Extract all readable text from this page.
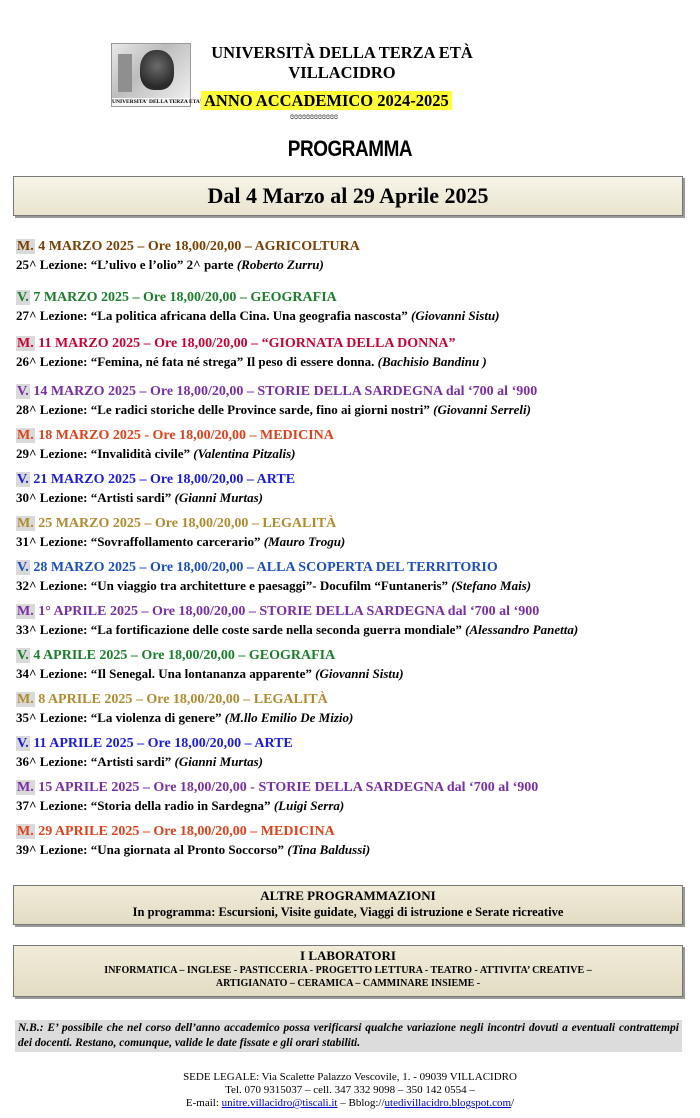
UNIVERSITA' DELLA TERZA ETA'
UNIVERSITÀ DELLA TERZA ETÀ
VILLACIDRO
ANNO ACCADEMICO 2024-2025
ɞɞɞɞɞɞɞɞɞɞɞɞ
PROGRAMMA
Dal 4 Marzo al 29 Aprile 2025
M. 4 MARZO 2025 – Ore 18,00/20,00 – AGRICOLTURA
25^ Lezione: “L’ulivo e l’olio” 2^ parte (Roberto Zurru)
V. 7 MARZO 2025 – Ore 18,00/20,00 – GEOGRAFIA
27^ Lezione: “La politica africana della Cina. Una geografia nascosta” (Giovanni Sistu)
M. 11 MARZO 2025 – Ore 18,00/20,00 – “GIORNATA DELLA DONNA”
26^ Lezione: “Femina, né fata né strega” Il peso di essere donna. (Bachisio Bandinu )
V. 14 MARZO 2025 – Ore 18,00/20,00 – STORIE DELLA SARDEGNA dal ‘700 al ‘900
28^ Lezione: “Le radici storiche delle Province sarde, fino ai giorni nostri” (Giovanni Serreli)
M. 18 MARZO 2025 - Ore 18,00/20,00 – MEDICINA
29^ Lezione: “Invalidità civile” (Valentina Pitzalis)
V. 21 MARZO 2025 – Ore 18,00/20,00 – ARTE
30^ Lezione: “Artisti sardi” (Gianni Murtas)
M. 25 MARZO 2025 – Ore 18,00/20,00 – LEGALITÀ
31^ Lezione: “Sovraffollamento carcerario” (Mauro Trogu)
V. 28 MARZO 2025 – Ore 18,00/20,00 – ALLA SCOPERTA DEL TERRITORIO
32^ Lezione: “Un viaggio tra architetture e paesaggi”- Docufilm “Funtaneris” (Stefano Mais)
M. 1° APRILE 2025 – Ore 18,00/20,00 – STORIE DELLA SARDEGNA dal ‘700 al ‘900
33^ Lezione: “La fortificazione delle coste sarde nella seconda guerra mondiale” (Alessandro Panetta)
V. 4 APRILE 2025 – Ore 18,00/20,00 – GEOGRAFIA
34^ Lezione: “Il Senegal. Una lontananza apparente” (Giovanni Sistu)
M. 8 APRILE 2025 – Ore 18,00/20,00 – LEGALITÀ
35^ Lezione: “La violenza di genere” (M.llo Emilio De Mizio)
V. 11 APRILE 2025 – Ore 18,00/20,00 – ARTE
36^ Lezione: “Artisti sardi” (Gianni Murtas)
M. 15 APRILE 2025 – Ore 18,00/20,00 - STORIE DELLA SARDEGNA dal ‘700 al ‘900
37^ Lezione: “Storia della radio in Sardegna” (Luigi Serra)
M. 29 APRILE 2025 – Ore 18,00/20,00 – MEDICINA
39^ Lezione: “Una giornata al Pronto Soccorso” (Tina Baldussi)
ALTRE PROGRAMMAZIONI
In programma: Escursioni, Visite guidate, Viaggi di istruzione e Serate ricreative
I LABORATORI
INFORMATICA – INGLESE - PASTICCERIA - PROGETTO LETTURA - TEATRO - ATTIVITA’ CREATIVE –
ARTIGIANATO – CERAMICA – CAMMINARE INSIEME -
N.B.: E’ possibile che nel corso dell’anno accademico possa verificarsi qualche variazione negli incontri dovuti a eventuali contrattempi dei docenti. Restano, comunque, valide le date fissate e gli orari stabiliti.
SEDE LEGALE: Via Scalette Palazzo Vescovile, 1. - 09039 VILLACIDRO
Tel. 070 9315037 – cell. 347 332 9098 – 350 142 0554 –
E-mail: unitre.villacidro@tiscali.it – Bblog://utedivillacidro.blogspot.com/
